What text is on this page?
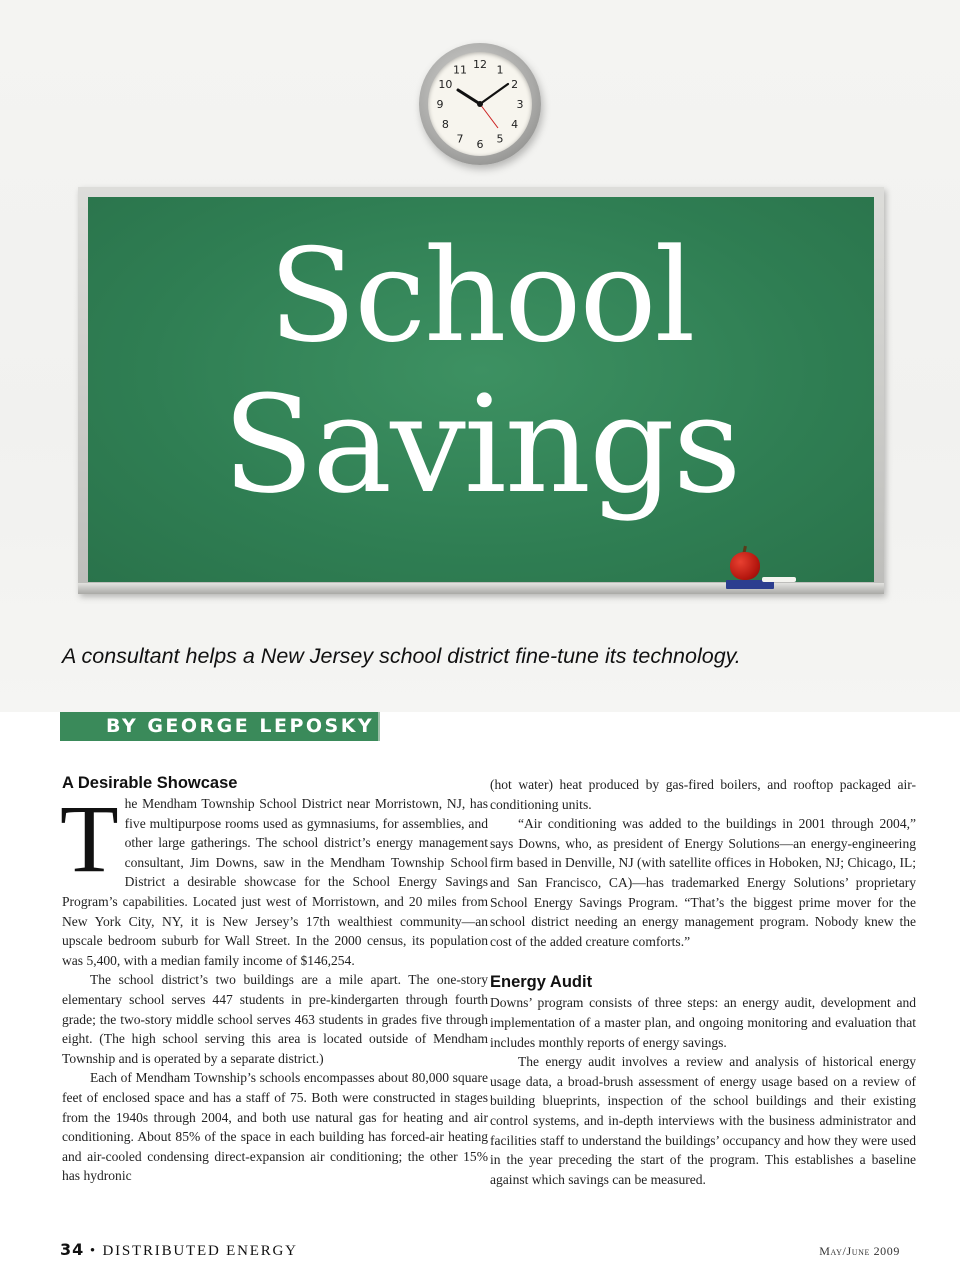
12 1
2
3
4
5
6
7
8
9
10
11
School
Savings

A consultant helps a New Jersey school district fine-tune its technology.

BY GEORGE LEPOSKY
A Desirable Showcase
T he Mendham Township School District near Morristown, NJ, has five multipurpose rooms used as gymnasiums, for assemblies, and other large gatherings. The school district’s energy management consultant, Jim Downs, saw in the Mendham Township School District a desirable showcase for the School Energy Savings Program’s capabilities. Located just west of Morristown, and 20 miles from New York City, NY, it is New Jersey’s 17th wealthiest community—an upscale bedroom suburb for Wall Street. In the 2000 census, its population was 5,400, with a median family income of $146,254.

The school district’s two buildings are a mile apart. The one-story elementary school serves 447 students in pre-kindergarten through fourth grade; the two-story middle school serves 463 students in grades five through eight. (The high school serving this area is located outside of Mendham Township and is operated by a separate district.)

Each of Mendham Township’s schools encompasses about 80,000 square feet of enclosed space and has a staff of 75. Both were constructed in stages from the 1940s through 2004, and both use natural gas for heating and air conditioning. About 85% of the space in each building has forced-air heating and air-cooled condensing direct-expansion air conditioning; the other 15% has hydronic

(hot water) heat produced by gas-fired boilers, and rooftop packaged air-conditioning units.

“Air conditioning was added to the buildings in 2001 through 2004,” says Downs, who, as president of Energy Solutions—an energy-engineering firm based in Denville, NJ (with satellite offices in Hoboken, NJ; Chicago, IL; and San Francisco, CA)—has trademarked Energy Solutions’ proprietary School Energy Savings Program. “That’s the biggest prime mover for the school district needing an energy management program. Nobody knew the cost of the added creature comforts.”

Energy Audit

Downs’ program consists of three steps: an energy audit, development and implementation of a master plan, and ongoing monitoring and evaluation that includes monthly reports of energy savings.

The energy audit involves a review and analysis of historical energy usage data, a broad-brush assessment of energy usage based on a review of building blueprints, inspection of the school buildings and their existing control systems, and in-depth interviews with the business administrator and facilities staff to understand the buildings’ occupancy and how they were used in the year preceding the start of the program. This establishes a baseline against which savings can be measured.

34 • DISTRIBUTED ENERGY	May/June 2009
